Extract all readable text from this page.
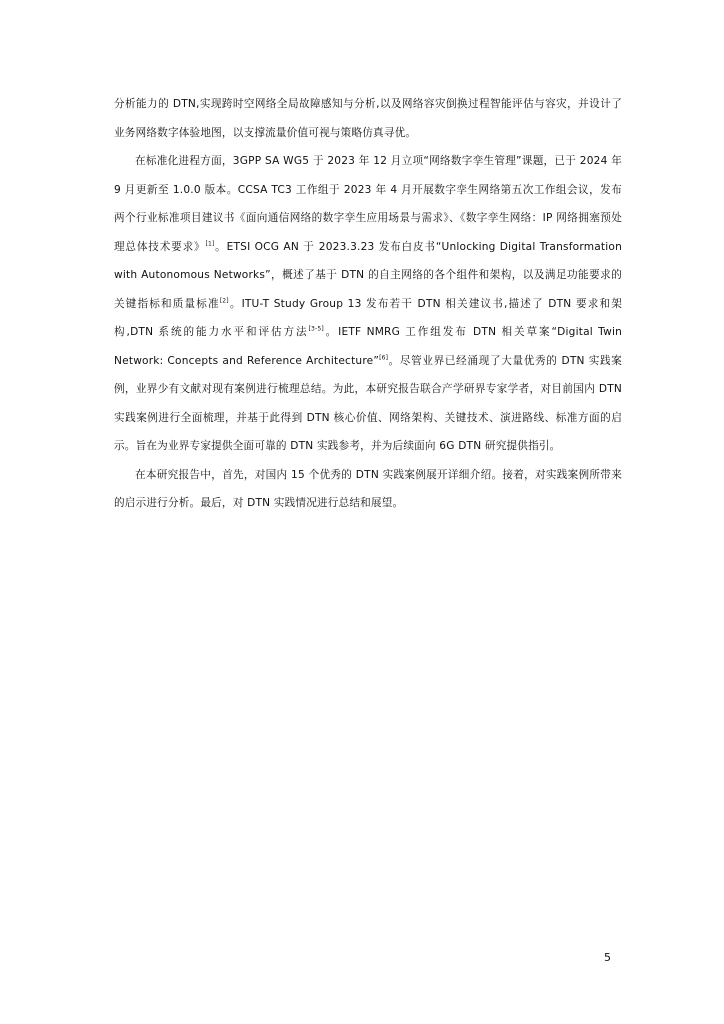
分析能力的 DTN,实现跨时空网络全局故障感知与分析,以及网络容灾倒换过程智能评估与容灾，并设计了业务网络数字体验地图，以支撑流量价值可视与策略仿真寻优。

在标准化进程方面，3GPP SA WG5 于 2023 年 12 月立项“网络数字孪生管理”课题，已于 2024 年 9 月更新至 1.0.0 版本。CCSA TC3 工作组于 2023 年 4 月开展数字孪生网络第五次工作组会议，发布两个行业标准项目建议书《面向通信网络的数字孪生应用场景与需求》、《数字孪生网络：IP 网络拥塞预处理总体技术要求》[1]。ETSI OCG AN 于 2023.3.23 发布白皮书“Unlocking Digital Transformation with Autonomous Networks”，概述了基于 DTN 的自主网络的各个组件和架构，以及满足功能要求的关键指标和质量标准[2]。ITU-T Study Group 13 发布若干 DTN 相关建议书,描述了 DTN 要求和架构,DTN 系统的能力水平和评估方法[3-5]。IETF NMRG 工作组发布 DTN 相关草案“Digital Twin Network: Concepts and Reference Architecture”[6]。尽管业界已经涌现了大量优秀的 DTN 实践案例，业界少有文献对现有案例进行梳理总结。为此，本研究报告联合产学研界专家学者，对目前国内 DTN 实践案例进行全面梳理，并基于此得到 DTN 核心价值、网络架构、关键技术、演进路线、标准方面的启示。旨在为业界专家提供全面可靠的 DTN 实践参考，并为后续面向 6G DTN 研究提供指引。

在本研究报告中，首先，对国内 15 个优秀的 DTN 实践案例展开详细介绍。接着，对实践案例所带来的启示进行分析。最后，对 DTN 实践情况进行总结和展望。

5
